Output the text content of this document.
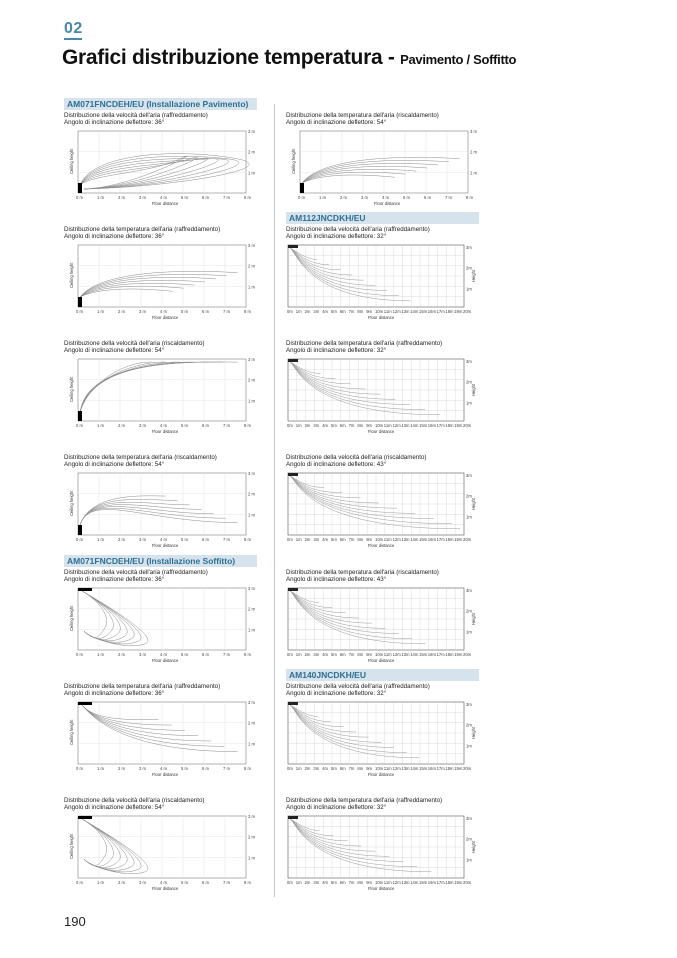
02
Grafici distribuzione temperatura - Pavimento / Soffitto
AM071FNCDEH/EU (Installazione Pavimento)
AM112JNCDKH/EU
AM071FNCDEH/EU (Installazione Soffitto)
AM140JNCDKH/EU
Distribuzione della velocità dell'aria (raffreddamento)
Angolo di inclinazione deflettore: 36°
3 m
2 m
1 m
0 m	1 m	2 m	3 m	4 m	5 m	6 m	7 m	8 m
Floor distance
Ceiling height
Distribuzione della temperatura dell'aria (raffreddamento)
Angolo di inclinazione deflettore: 36°
3 m
2 m
1 m
0 m	1 m	2 m	3 m	4 m	5 m	6 m	7 m	8 m
Floor distance
Ceiling height
Distribuzione della velocità dell'aria (riscaldamento)
Angolo di inclinazione deflettore: 54°
3 m
2 m
1 m
0 m	1 m	2 m	3 m	4 m	5 m	6 m	7 m	8 m
Floor distance
Ceiling height
Distribuzione della temperatura dell'aria (riscaldamento)
Angolo di inclinazione deflettore: 54°
3 m
2 m
1 m
0 m	1 m	2 m	3 m	4 m	5 m	6 m	7 m	8 m
Floor distance
Ceiling height
Distribuzione della velocità dell'aria (raffreddamento)
Angolo di inclinazione deflettore: 36°
3 m
2 m
1 m
0 m	1 m	2 m	3 m	4 m	5 m	6 m	7 m	8 m
Floor distance
Ceiling height
Distribuzione della temperatura dell'aria (raffreddamento)
Angolo di inclinazione deflettore: 36°
3 m
2 m
1 m
0 m	1 m	2 m	3 m	4 m	5 m	6 m	7 m	8 m
Floor distance
Ceiling height
Distribuzione della velocità dell'aria (riscaldamento)
Angolo di inclinazione deflettore: 54°
3 m
2 m
1 m
0 m	1 m	2 m	3 m	4 m	5 m	6 m	7 m	8 m
Floor distance
Ceiling height
Distribuzione della temperatura dell'aria (riscaldamento)
Angolo di inclinazione deflettore: 54°
3 m
2 m
1 m
0 m	1 m	2 m	3 m	4 m	5 m	6 m	7 m	8 m
Floor distance
Ceiling height
Distribuzione della velocità dell'aria (raffreddamento)
Angolo di inclinazione deflettore: 32°
3m
2m
1m
0m 1m 2m 3m 4m 5m 6m 7m 8m 9m 10m 11m 12m 13m 14m 15m 16m 17m 18m 19m 20m
Floor distance
Height
Distribuzione della temperatura dell'aria (raffreddamento)
Angolo di inclinazione deflettore: 32°
3m
2m
1m
0m 1m 2m 3m 4m 5m 6m 7m 8m 9m 10m 11m 12m 13m 14m 15m 16m 17m 18m 19m 20m
Floor distance
Height
Distribuzione della velocità dell'aria (riscaldamento)
Angolo di inclinazione deflettore: 43°
3m
2m
1m
0m 1m 2m 3m 4m 5m 6m 7m 8m 9m 10m 11m 12m 13m 14m 15m 16m 17m 18m 19m 20m
Floor distance
Height
Distribuzione della temperatura dell'aria (riscaldamento)
Angolo di inclinazione deflettore: 43°
3m
2m
1m
0m 1m 2m 3m 4m 5m 6m 7m 8m 9m 10m 11m 12m 13m 14m 15m 16m 17m 18m 19m 20m
Floor distance
Height
Distribuzione della velocità dell'aria (raffreddamento)
Angolo di inclinazione deflettore: 32°
3m
2m
1m
0m 1m 2m 3m 4m 5m 6m 7m 8m 9m 10m 11m 12m 13m 14m 15m 16m 17m 18m 19m 20m
Floor distance
Height
Distribuzione della temperatura dell'aria (raffreddamento)
Angolo di inclinazione deflettore: 32°
3m
2m
1m
0m 1m 2m 3m 4m 5m 6m 7m 8m 9m 10m 11m 12m 13m 14m 15m 16m 17m 18m 19m 20m
Floor distance
Height
190
